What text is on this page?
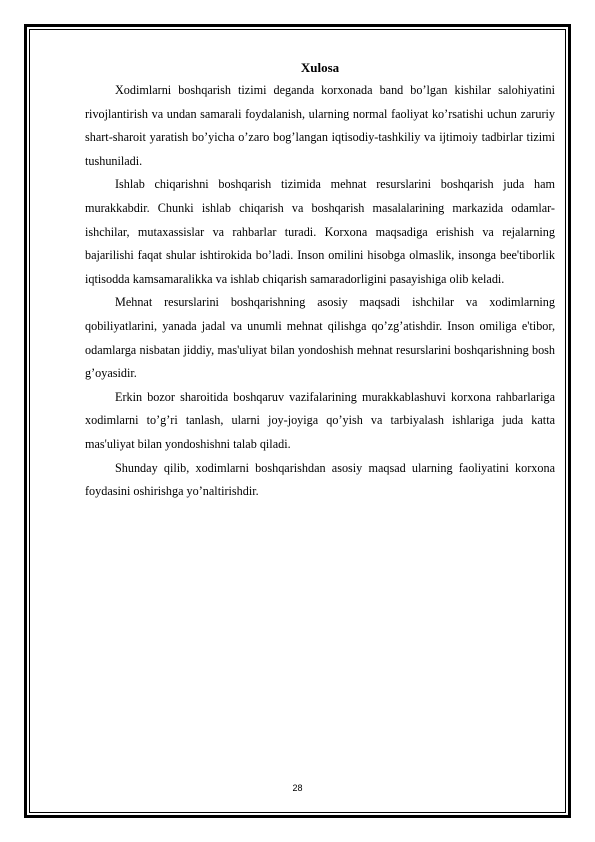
Xulosa

Xodimlarni boshqarish tizimi deganda korxonada band bo’lgan kishilar salohiyatini rivojlantirish va undan samarali foydalanish, ularning normal faoliyat ko’rsatishi uchun zaruriy shart-sharoit yaratish bo’yicha o’zaro bog’langan iqtisodiy-tashkiliy va ijtimoiy tadbirlar tizimi tushuniladi.

Ishlab chiqarishni boshqarish tizimida mehnat resurslarini boshqarish juda ham murakkabdir. Chunki ishlab chiqarish va boshqarish masalalarining markazida odamlar-ishchilar, mutaxassislar va rahbarlar turadi. Korxona maqsadiga erishish va rejalarning bajarilishi faqat shular ishtirokida bo’ladi. Inson omilini hisobga olmaslik, insonga bee'tiborlik iqtisodda kamsamaralikka va ishlab chiqarish samaradorligini pasayishiga olib keladi.

Mehnat resurslarini boshqarishning asosiy maqsadi ishchilar va xodimlarning qobiliyatlarini, yanada jadal va unumli mehnat qilishga qo’zg’atishdir. Inson omiliga e'tibor, odamlarga nisbatan jiddiy, mas'uliyat bilan yondoshish mehnat resurslarini boshqarishning bosh g’oyasidir.

Erkin bozor sharoitida boshqaruv vazifalarining murakkablashuvi korxona rahbarlariga xodimlarni to’g’ri tanlash, ularni joy-joyiga qo’yish va tarbiyalash ishlariga juda katta mas'uliyat bilan yondoshishni talab qiladi.

Shunday qilib, xodimlarni boshqarishdan asosiy maqsad ularning faoliyatini korxona foydasini oshirishga yo’naltirishdir.

28
